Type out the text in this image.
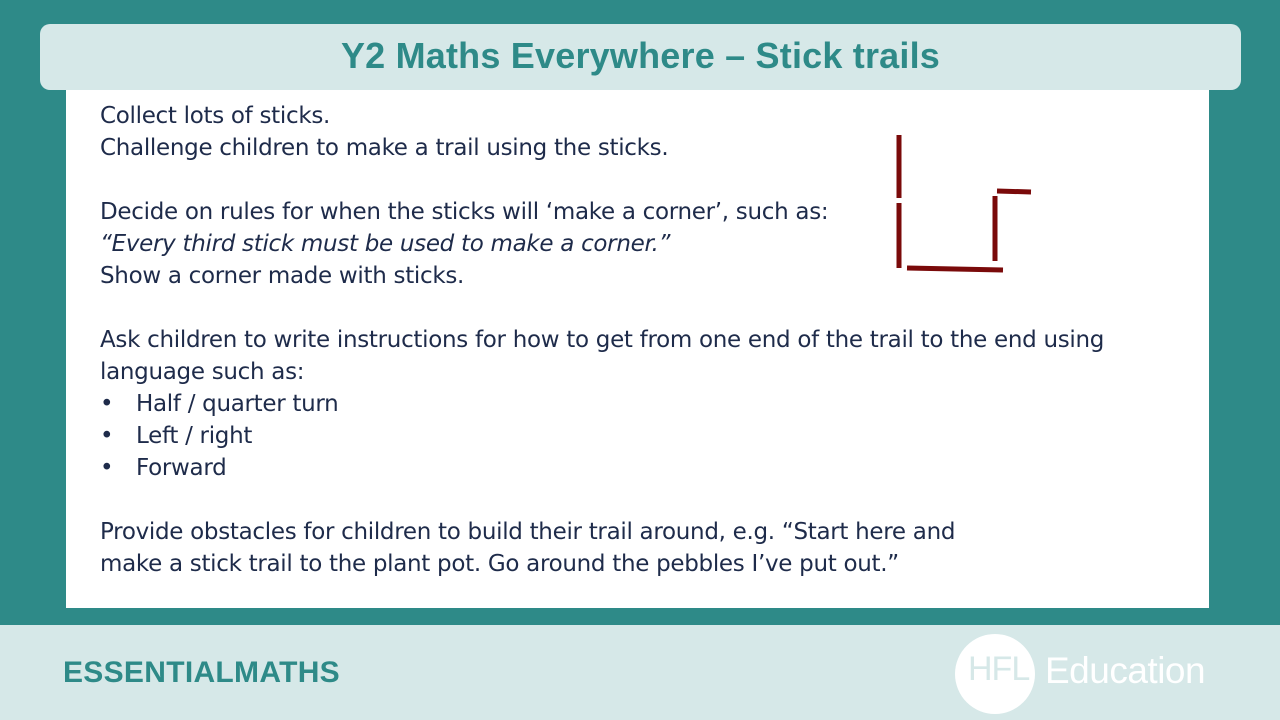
Y2 Maths Everywhere – Stick trails
Collect lots of sticks.
Challenge children to make a trail using the sticks.
Decide on rules for when the sticks will ‘make a corner’, such as:
“Every third stick must be used to make a corner.”
Show a corner made with sticks.
Ask children to write instructions for how to get from one end of the trail to the end using
language such as:
• Half / quarter turn
• Left / right
• Forward
Provide obstacles for children to build their trail around, e.g. “Start here and
make a stick trail to the plant pot. Go around the pebbles I’ve put out.”
ESSENTIALMATHS	HFL Education
